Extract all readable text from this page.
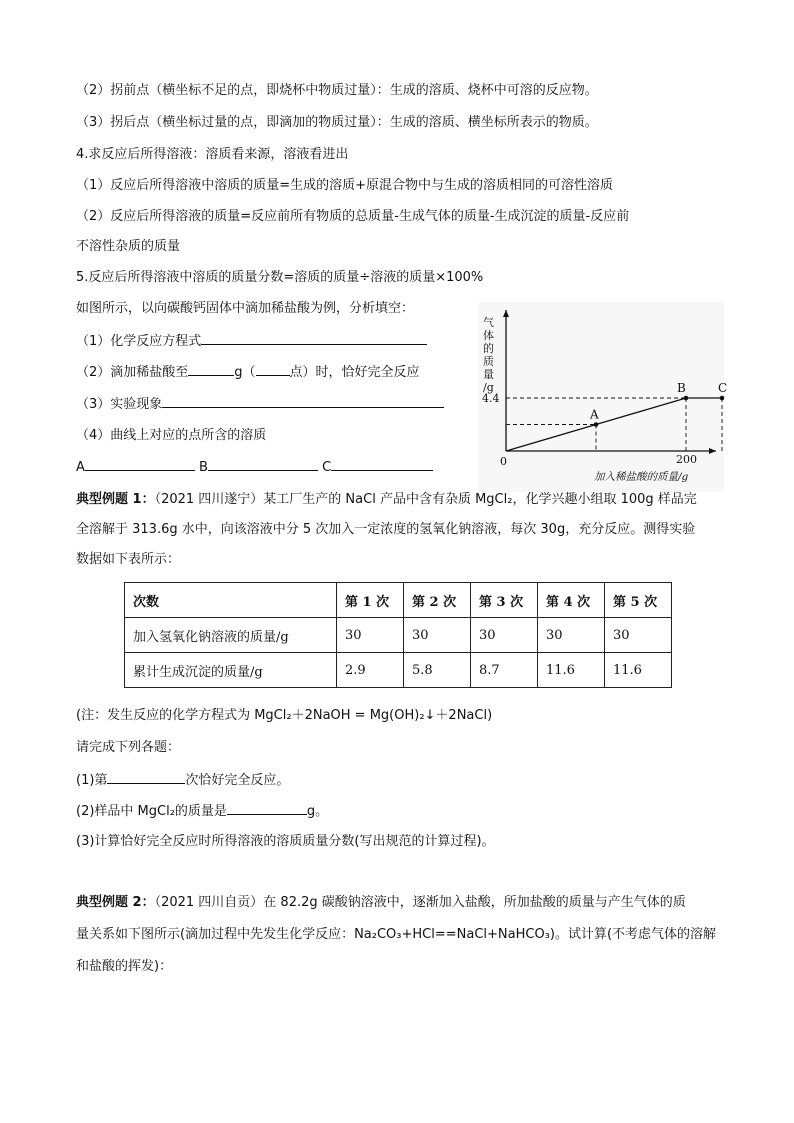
（2）拐前点（横坐标不足的点，即烧杯中物质过量）：生成的溶质、烧杯中可溶的反应物。
（3）拐后点（横坐标过量的点，即滴加的物质过量）：生成的溶质、横坐标所表示的物质。
4.求反应后所得溶液：溶质看来源，溶液看进出
（1）反应后所得溶液中溶质的质量=生成的溶质+原混合物中与生成的溶质相同的可溶性溶质
（2）反应后所得溶液的质量=反应前所有物质的总质量-生成气体的质量-生成沉淀的质量-反应前
不溶性杂质的质量
5.反应后所得溶液中溶质的质量分数=溶质的质量÷溶液的质量×100%
如图所示，以向碳酸钙固体中滴加稀盐酸为例，分析填空：
（1）化学反应方程式
（2）滴加稀盐酸至	g（	点）时，恰好完全反应
（3）实验现象
（4）曲线上对应的点所含的溶质
A	B	C
气
体
的
质
量
/g
A
B	C
4.4
200
0
加入稀盐酸的质量/g
典型例题 1：（2021 四川遂宁）某工厂生产的 NaCl 产品中含有杂质 MgCl₂，化学兴趣小组取 100g 样品完
全溶解于 313.6g 水中，向该溶液中分 5 次加入一定浓度的氢氧化钠溶液，每次 30g，充分反应。测得实验
数据如下表所示：
次数	第 1 次	第 2 次	第 3 次	第 4 次	第 5 次
加入氢氧化钠溶液的质量/g	30	30	30	30	30
累计生成沉淀的质量/g	2.9	5.8	8.7	11.6	11.6
(注：发生反应的化学方程式为 MgCl₂＋2NaOH = Mg(OH)₂↓＋2NaCl)
请完成下列各题：
(1)第	次恰好完全反应。
(2)样品中 MgCl₂的质量是	g。
(3)计算恰好完全反应时所得溶液的溶质质量分数(写出规范的计算过程)。
典型例题 2：（2021 四川自贡）在 82.2g 碳酸钠溶液中，逐渐加入盐酸，所加盐酸的质量与产生气体的质
量关系如下图所示(滴加过程中先发生化学反应：Na₂CO₃+HCl==NaCl+NaHCO₃)。试计算(不考虑气体的溶解
和盐酸的挥发)：
